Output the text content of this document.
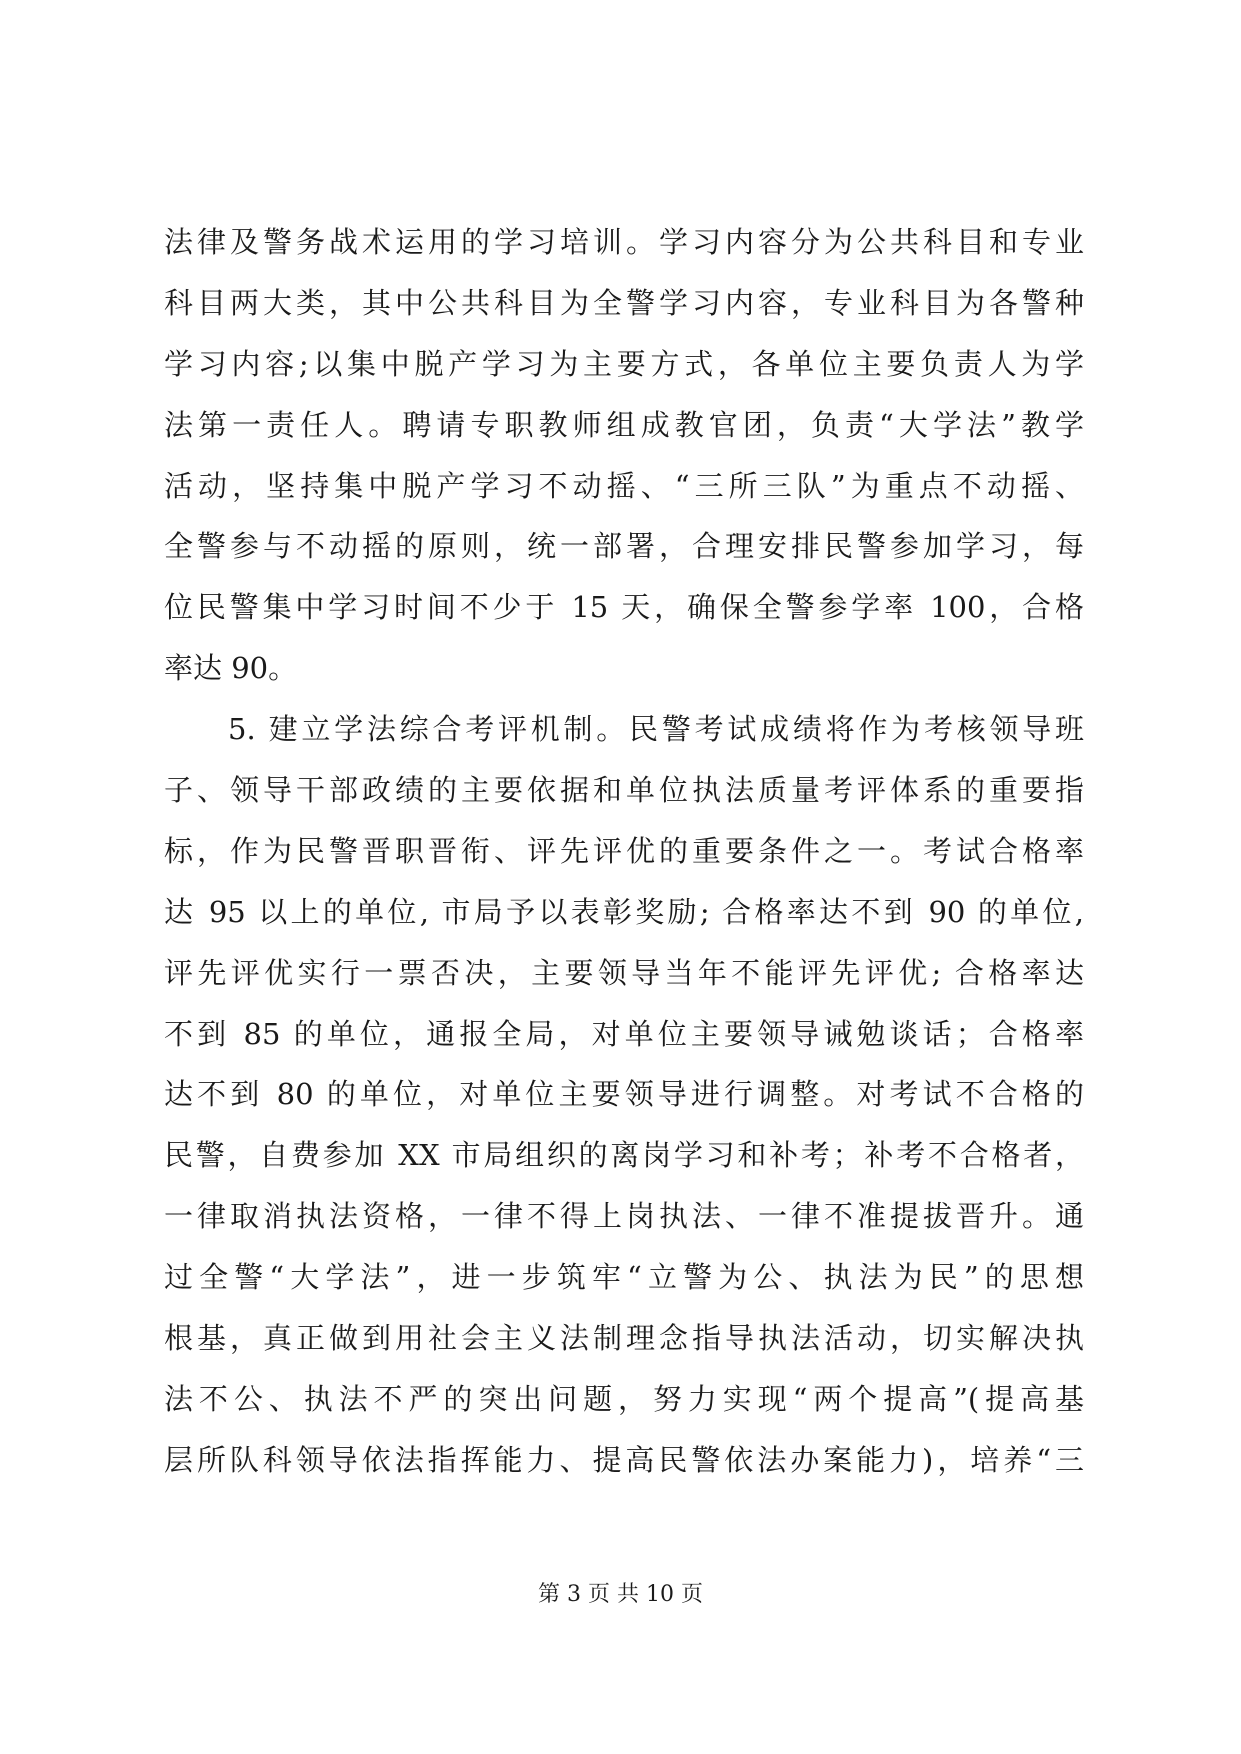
法律及警务战术运用的学习培训。学习内容分为公共科目和专业
科目两大类，其中公共科目为全警学习内容，专业科目为各警种
学习内容;以集中脱产学习为主要方式，各单位主要负责人为学
法第一责任人。聘请专职教师组成教官团，负责“大学法”教学
活动，坚持集中脱产学习不动摇、“三所三队”为重点不动摇、
全警参与不动摇的原则，统一部署，合理安排民警参加学习，每
位民警集中学习时间不少于 15 天，确保全警参学率 100，合格
率达 90。
5. 建立学法综合考评机制。民警考试成绩将作为考核领导班
子、领导干部政绩的主要依据和单位执法质量考评体系的重要指
标，作为民警晋职晋衔、评先评优的重要条件之一。考试合格率
达 95 以上的单位, 市局予以表彰奖励; 合格率达不到 90 的单位,
评先评优实行一票否决，主要领导当年不能评先评优; 合格率达
不到 85 的单位，通报全局，对单位主要领导诫勉谈话；合格率
达不到 80 的单位，对单位主要领导进行调整。对考试不合格的
民警，自费参加 XX 市局组织的离岗学习和补考；补考不合格者，
一律取消执法资格，一律不得上岗执法、一律不准提拔晋升。通
过全警“大学法”，进一步筑牢“立警为公、执法为民”的思想
根基，真正做到用社会主义法制理念指导执法活动，切实解决执
法不公、执法不严的突出问题，努力实现“两个提高”(提高基
层所队科领导依法指挥能力、提高民警依法办案能力)，培养“三
第 3 页 共 10 页
